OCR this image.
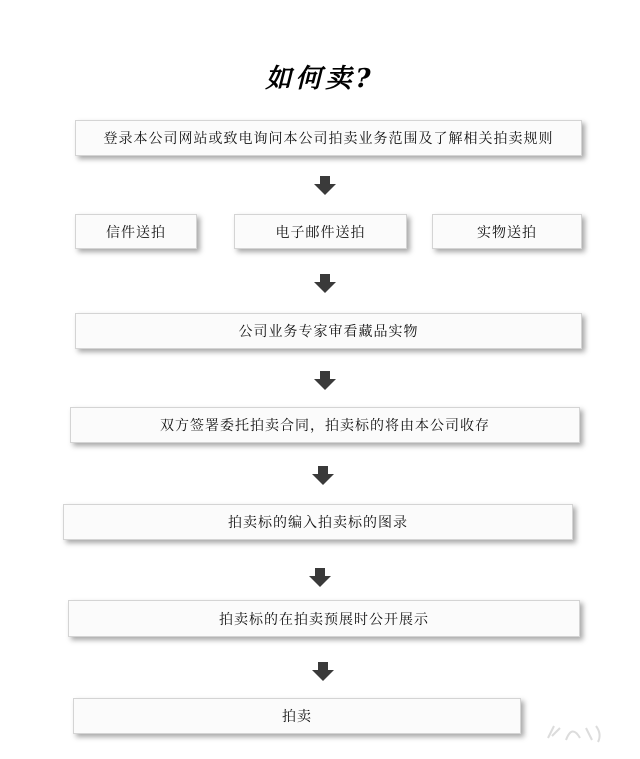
如何卖?
登录本公司网站或致电询问本公司拍卖业务范围及了解相关拍卖规则
信件送拍	电子邮件送拍	实物送拍
公司业务专家审看藏品实物
双方签署委托拍卖合同，拍卖标的将由本公司收存
拍卖标的编入拍卖标的图录
拍卖标的在拍卖预展时公开展示
拍卖
